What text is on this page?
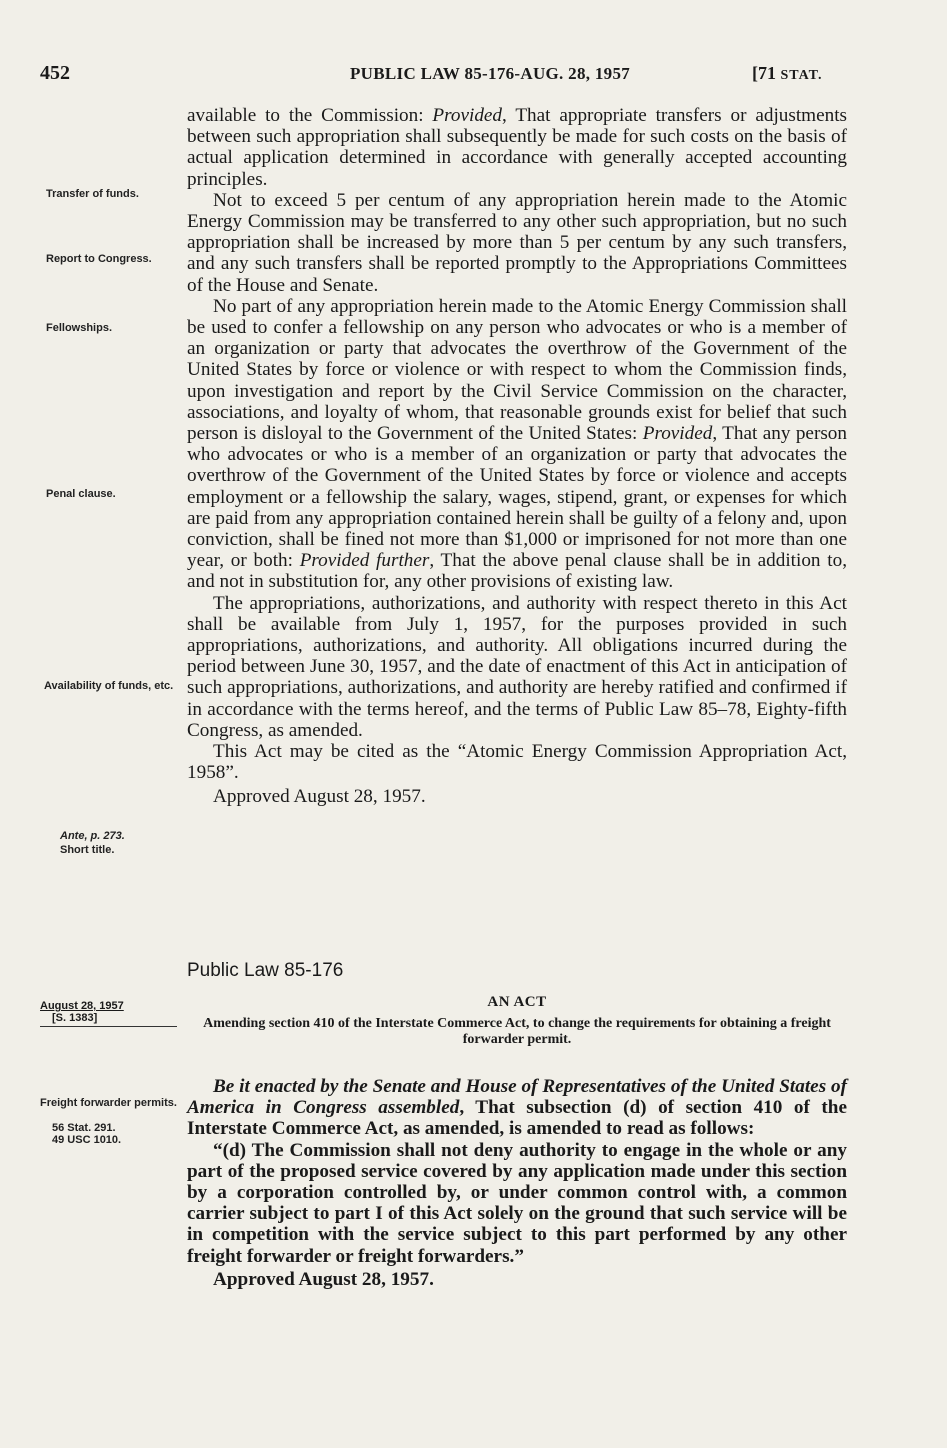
452	PUBLIC LAW 85-176-AUG. 28, 1957	[71 STAT.
Transfer of funds.
Report to Congress.
Fellowships.
Penal clause.
Availability of funds, etc.
Ante, p. 273.
Short title.

available to the Commission: Provided, That appropriate transfers or adjustments between such appropriation shall subsequently be made for such costs on the basis of actual application determined in accordance with generally accepted accounting principles.

Not to exceed 5 per centum of any appropriation herein made to the Atomic Energy Commission may be transferred to any other such appropriation, but no such appropriation shall be increased by more than 5 per centum by any such transfers, and any such transfers shall be reported promptly to the Appropriations Committees of the House and Senate.

No part of any appropriation herein made to the Atomic Energy Commission shall be used to confer a fellowship on any person who advocates or who is a member of an organization or party that advocates the overthrow of the Government of the United States by force or violence or with respect to whom the Commission finds, upon investigation and report by the Civil Service Commission on the character, associations, and loyalty of whom, that reasonable grounds exist for belief that such person is disloyal to the Government of the United States: Provided, That any person who advocates or who is a member of an organization or party that advocates the overthrow of the Government of the United States by force or violence and accepts employment or a fellowship the salary, wages, stipend, grant, or expenses for which are paid from any appropriation contained herein shall be guilty of a felony and, upon conviction, shall be fined not more than $1,000 or imprisoned for not more than one year, or both: Provided further, That the above penal clause shall be in addition to, and not in substitution for, any other provisions of existing law.

The appropriations, authorizations, and authority with respect thereto in this Act shall be available from July 1, 1957, for the purposes provided in such appropriations, authorizations, and authority. All obligations incurred during the period between June 30, 1957, and the date of enactment of this Act in anticipation of such appropriations, authorizations, and authority are hereby ratified and confirmed if in accordance with the terms hereof, and the terms of Public Law 85–78, Eighty-fifth Congress, as amended.

This Act may be cited as the “Atomic Energy Commission Appropriation Act, 1958”.

Approved August 28, 1957.

Public Law 85-176
August 28, 1957
[S. 1383]
AN ACT
Amending section 410 of the Interstate Commerce Act, to change the requirements for obtaining a freight forwarder permit.
Freight forwarder permits.
56 Stat. 291.
49 USC 1010.

Be it enacted by the Senate and House of Representatives of the United States of America in Congress assembled, That subsection (d) of section 410 of the Interstate Commerce Act, as amended, is amended to read as follows:

“(d) The Commission shall not deny authority to engage in the whole or any part of the proposed service covered by any application made under this section by a corporation controlled by, or under common control with, a common carrier subject to part I of this Act solely on the ground that such service will be in competition with the service subject to this part performed by any other freight forwarder or freight forwarders.”

Approved August 28, 1957.
